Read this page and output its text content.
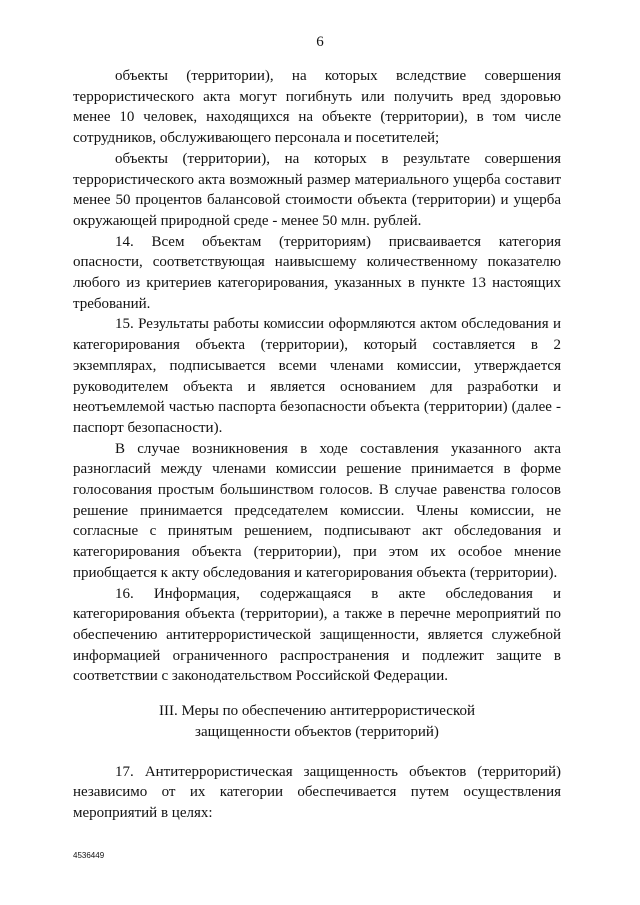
6

объекты (территории), на которых вследствие совершения террористического акта могут погибнуть или получить вред здоровью менее 10 человек, находящихся на объекте (территории), в том числе сотрудников, обслуживающего персонала и посетителей;

объекты (территории), на которых в результате совершения террористического акта возможный размер материального ущерба составит менее 50 процентов балансовой стоимости объекта (территории) и ущерба окружающей природной среде - менее 50 млн. рублей.

14. Всем объектам (территориям) присваивается категория опасности, соответствующая наивысшему количественному показателю любого из критериев категорирования, указанных в пункте 13 настоящих требований.

15. Результаты работы комиссии оформляются актом обследования и категорирования объекта (территории), который составляется в 2 экземплярах, подписывается всеми членами комиссии, утверждается руководителем объекта и является основанием для разработки и неотъемлемой частью паспорта безопасности объекта (территории) (далее - паспорт безопасности).

В случае возникновения в ходе составления указанного акта разногласий между членами комиссии решение принимается в форме голосования простым большинством голосов. В случае равенства голосов решение принимается председателем комиссии. Члены комиссии, не согласные с принятым решением, подписывают акт обследования и категорирования объекта (территории), при этом их особое мнение приобщается к акту обследования и категорирования объекта (территории).

16. Информация, содержащаяся в акте обследования и категорирования объекта (территории), а также в перечне мероприятий по обеспечению антитеррористической защищенности, является служебной информацией ограниченного распространения и подлежит защите в соответствии с законодательством Российской Федерации.

III. Меры по обеспечению антитеррористической
защищенности объектов (территорий)

17. Антитеррористическая защищенность объектов (территорий) независимо от их категории обеспечивается путем осуществления мероприятий в целях:

4536449
